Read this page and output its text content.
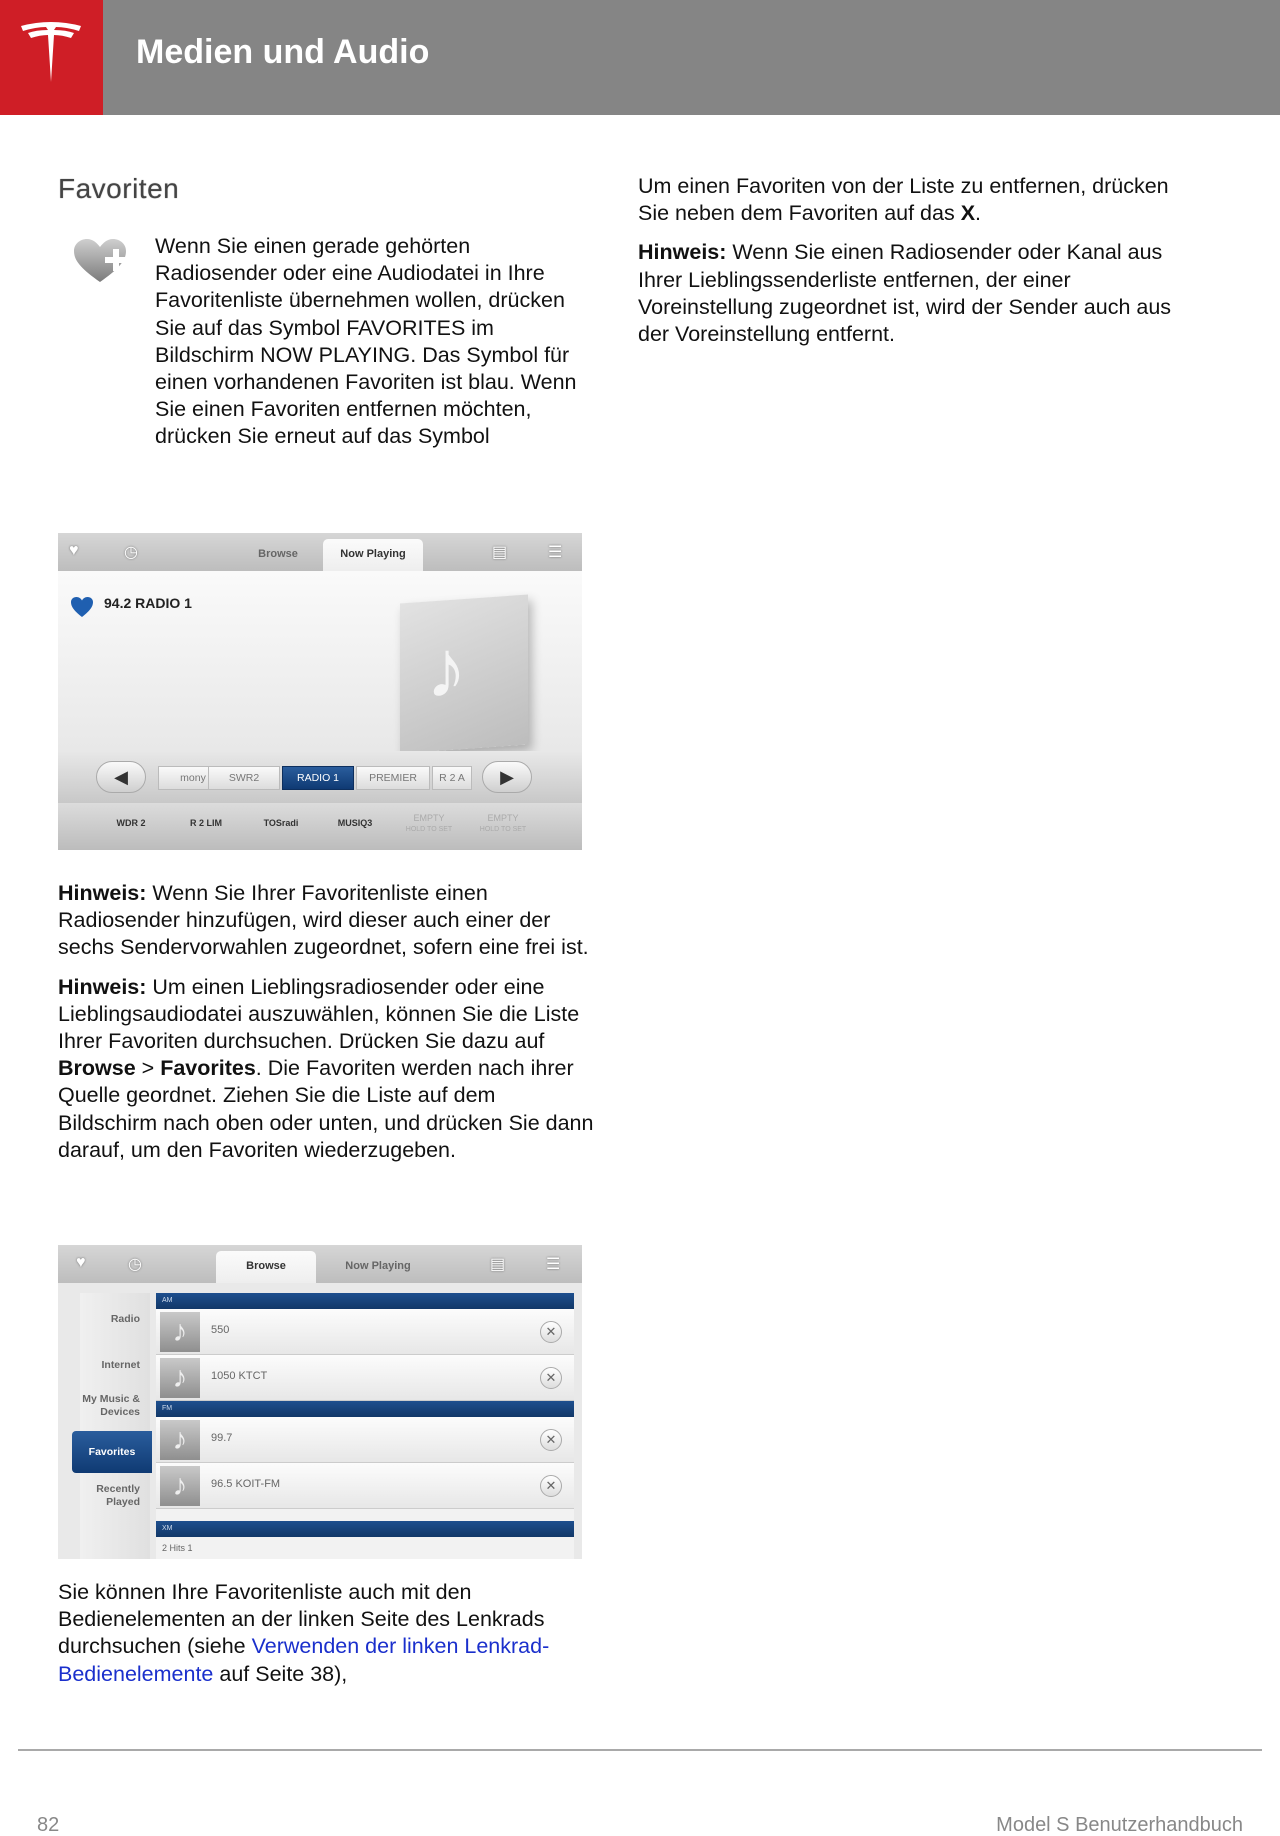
Medien und Audio
Favoriten

Wenn Sie einen gerade gehörten Radiosender oder eine Audiodatei in Ihre Favoritenliste übernehmen wollen, drücken Sie auf das Symbol FAVORITES im Bildschirm NOW PLAYING. Das Symbol für einen vorhandenen Favoriten ist blau. Wenn Sie einen Favoriten entfernen möchten, drücken Sie erneut auf das Symbol

Um einen Favoriten von der Liste zu entfernen, drücken Sie neben dem Favoriten auf das X.

Hinweis: Wenn Sie einen Radiosender oder Kanal aus Ihrer Lieblingssenderliste entfernen, der einer Voreinstellung zugeordnet ist, wird der Sender auch aus der Voreinstellung entfernt.

♥	◷	Browse	Now Playing	▤	☰
94.2 RADIO 1
♪
◀	mony	SWR2	RADIO 1	PREMIER	R 2 A	▶
WDR 2	R 2 LIM	TOSradi	MUSIQ3	EMPTY
HOLD TO SET
EMPTY
HOLD TO SET

Hinweis: Wenn Sie Ihrer Favoritenliste einen Radiosender hinzufügen, wird dieser auch einer der sechs Sendervorwahlen zugeordnet, sofern eine frei ist.

Hinweis: Um einen Lieblingsradiosender oder eine Lieblingsaudiodatei auszuwählen, können Sie die Liste Ihrer Favoriten durchsuchen. Drücken Sie dazu auf Browse > Favorites. Die Favoriten werden nach ihrer Quelle geordnet. Ziehen Sie die Liste auf dem Bildschirm nach oben oder unten, und drücken Sie dann darauf, um den Favoriten wiederzugeben.

♥	◷	Browse	Now Playing	▤	☰
Radio
Internet
My Music & Devices
Favorites
Recently Played
AM
♪	550	✕
♪	1050 KTCT	✕
FM
♪	99.7	✕
♪	96.5 KOIT-FM	✕
XM
2 Hits 1

Sie können Ihre Favoritenliste auch mit den Bedienelementen an der linken Seite des Lenkrads durchsuchen (siehe Verwenden der linken Lenkrad-Bedienelemente auf Seite 38),

82	Model S Benutzerhandbuch
